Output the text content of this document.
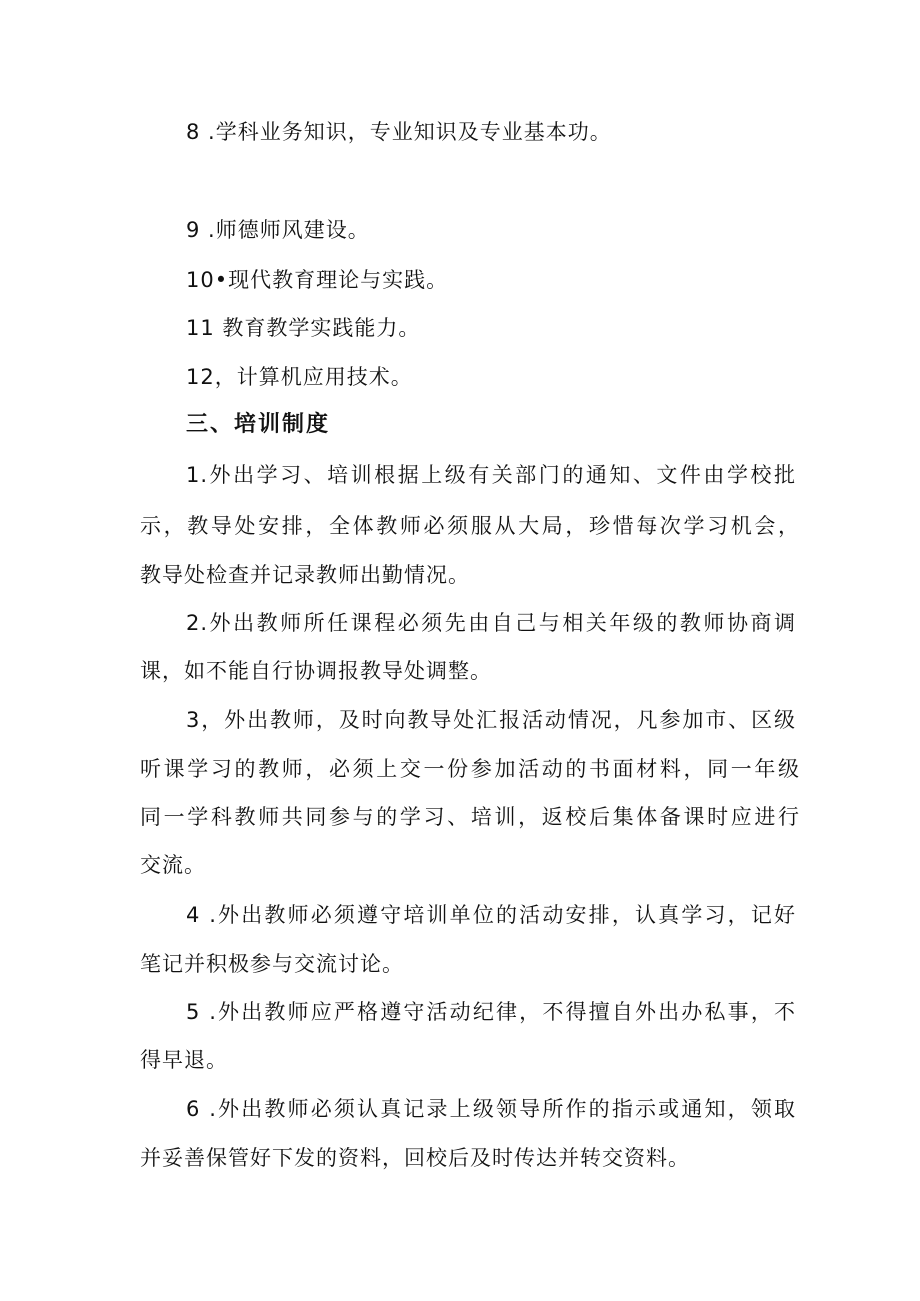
8 .学科业务知识，专业知识及专业基本功。
9 .师德师风建设。
10•现代教育理论与实践。
11 教育教学实践能力。
12，计算机应用技术。
三、培训制度
1.外出学习、培训根据上级有关部门的通知、文件由学校批
示，教导处安排，全体教师必须服从大局，珍惜每次学习机会，
教导处检查并记录教师出勤情况。
2.外出教师所任课程必须先由自己与相关年级的教师协商调
课，如不能自行协调报教导处调整。
3，外出教师，及时向教导处汇报活动情况，凡参加市、区级
听课学习的教师，必须上交一份参加活动的书面材料，同一年级
同一学科教师共同参与的学习、培训，返校后集体备课时应进行
交流。
4 .外出教师必须遵守培训单位的活动安排，认真学习，记好
笔记并积极参与交流讨论。
5 .外出教师应严格遵守活动纪律，不得擅自外出办私事，不
得早退。
6 .外出教师必须认真记录上级领导所作的指示或通知，领取
并妥善保管好下发的资料，回校后及时传达并转交资料。
